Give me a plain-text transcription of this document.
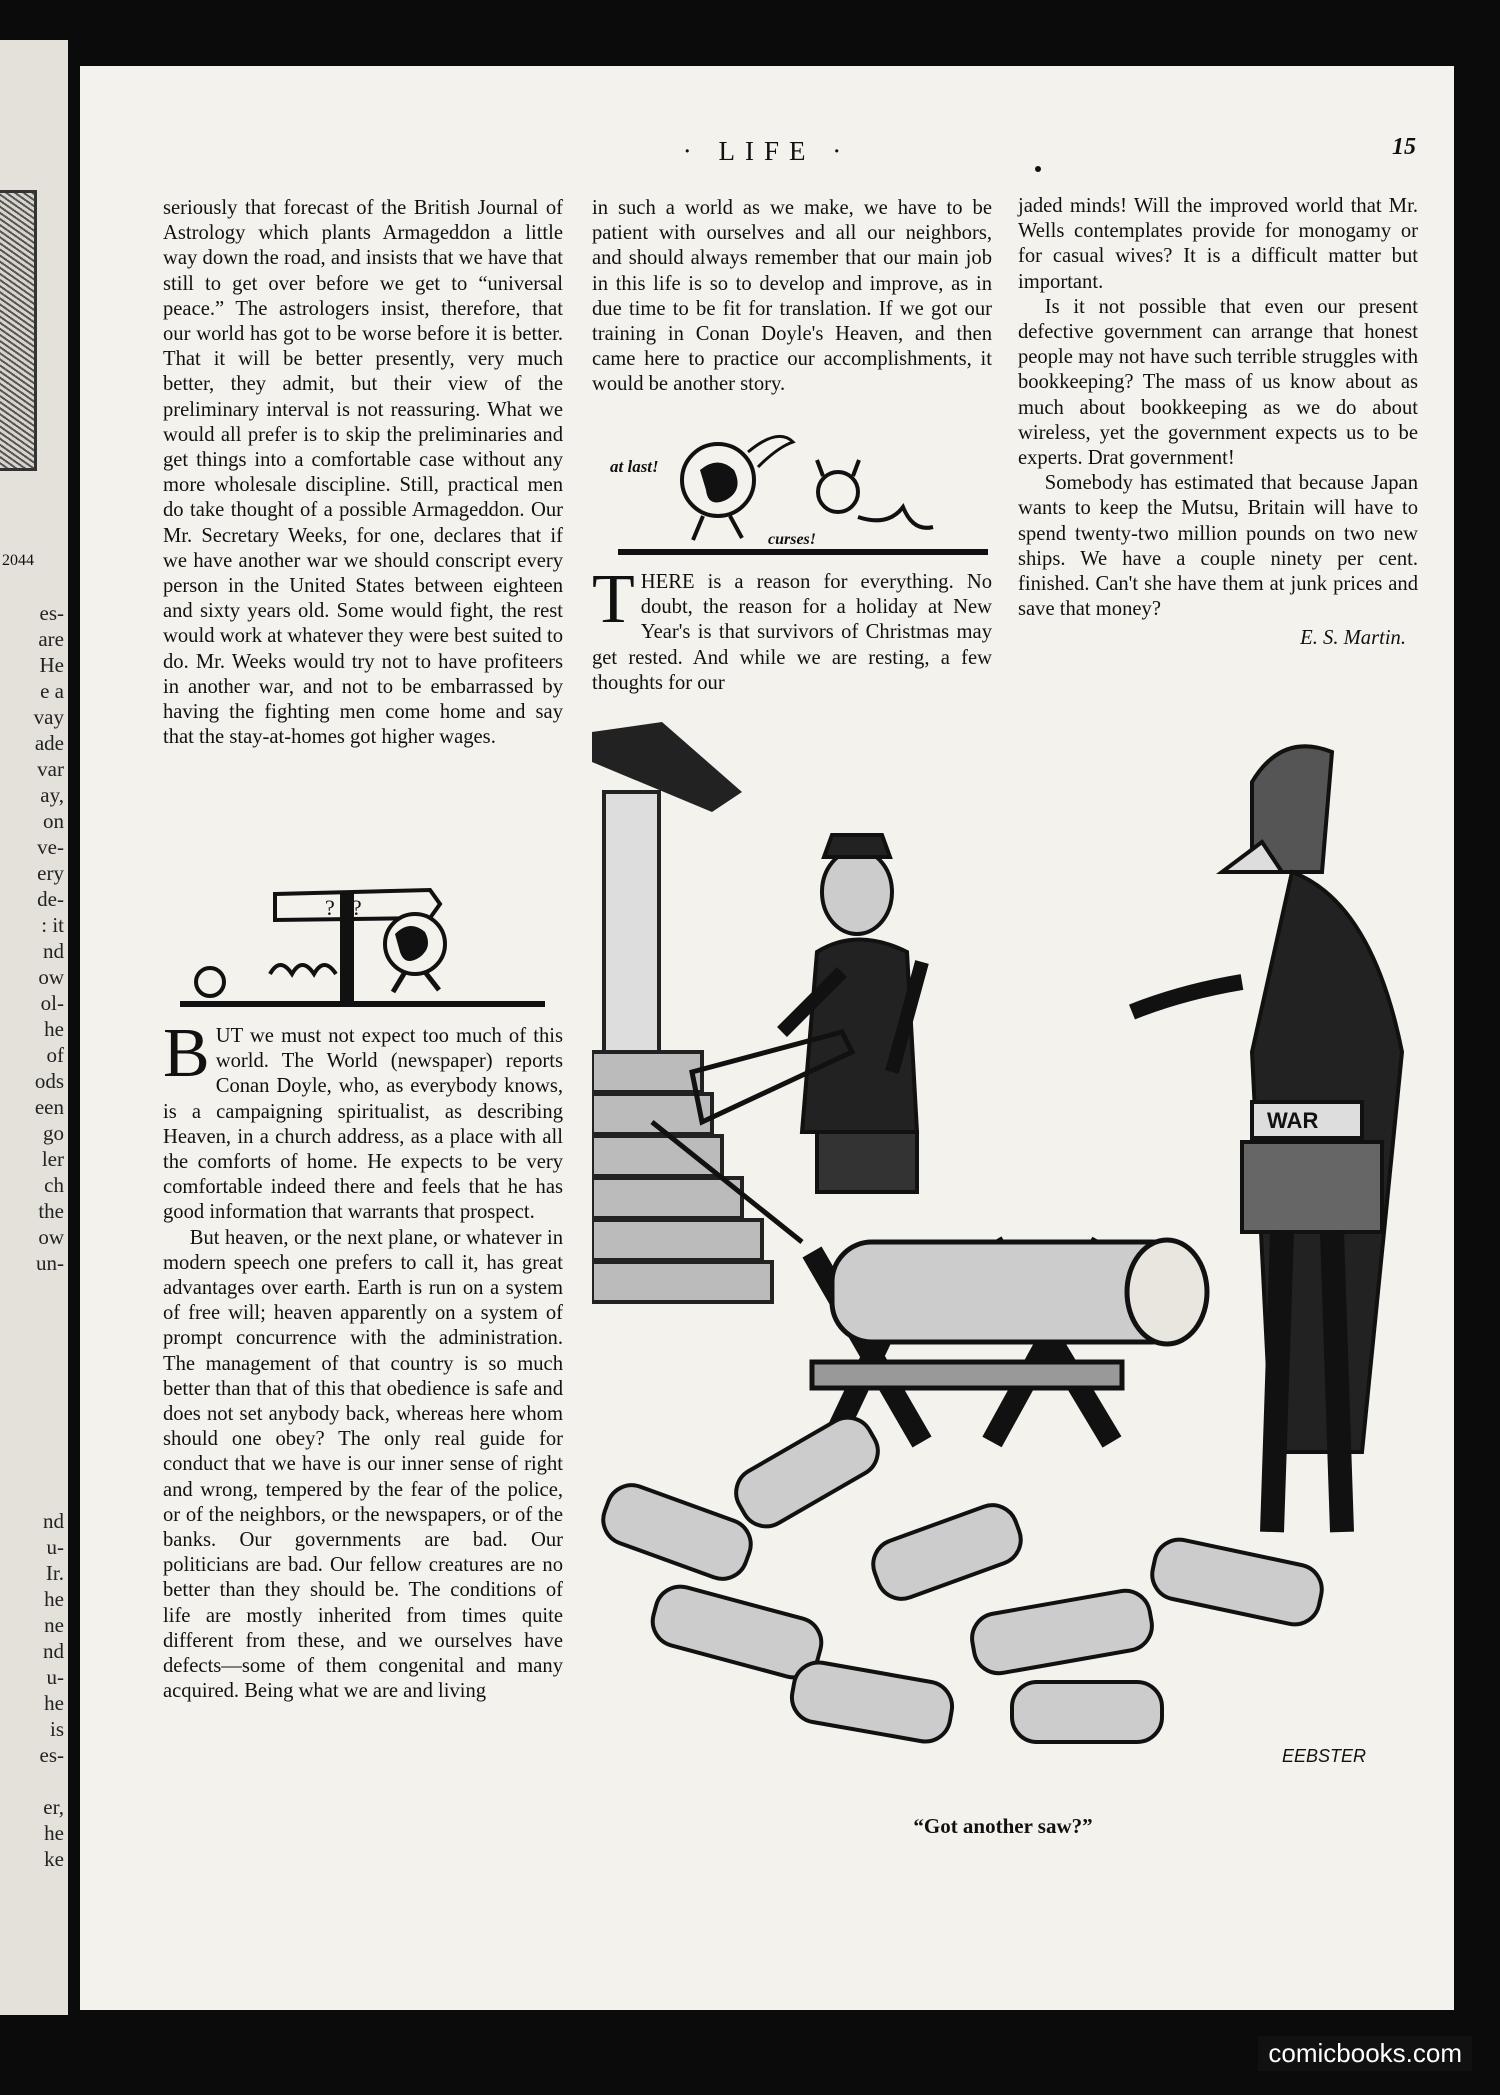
2044
es-
are
He
e a
vay
ade
var
ay,
on
ve-
ery
de-
: it
nd
ow
ol-
he
of
ods
een
go
ler
ch
the
ow
un-
nd
u-
Ir.
he
ne
nd
u-
he
is
es-

er,
he
ke
· LIFE ·	15

seriously that forecast of the British Journal of Astrology which plants Armageddon a little way down the road, and insists that we have that still to get over before we get to “universal peace.” The astrologers insist, therefore, that our world has got to be worse before it is better. That it will be better presently, very much better, they admit, but their view of the preliminary interval is not reassuring. What we would all prefer is to skip the preliminaries and get things into a comfortable case without any more wholesale discipline. Still, practical men do take thought of a possible Armageddon. Our Mr. Secretary Weeks, for one, declares that if we have another war we should conscript every person in the United States between eighteen and sixty years old. Some would fight, the rest would work at whatever they were best suited to do. Mr. Weeks would try not to have profiteers in another war, and not to be embarrassed by having the fighting men come home and say that the stay-at-homes got higher wages.

? : ?

BUT we must not expect too much of this world. The World (newspaper) reports Conan Doyle, who, as everybody knows, is a campaigning spiritualist, as describing Heaven, in a church address, as a place with all the comforts of home. He expects to be very comfortable indeed there and feels that he has good information that warrants that prospect.

But heaven, or the next plane, or whatever in modern speech one prefers to call it, has great advantages over earth. Earth is run on a system of free will; heaven apparently on a system of prompt concurrence with the administration. The management of that country is so much better than that of this that obedience is safe and does not set anybody back, whereas here whom should one obey? The only real guide for conduct that we have is our inner sense of right and wrong, tempered by the fear of the police, or of the neighbors, or the newspapers, or of the banks. Our governments are bad. Our politicians are bad. Our fellow creatures are no better than they should be. The conditions of life are mostly inherited from times quite different from these, and we ourselves have defects—some of them congenital and many acquired. Being what we are and living

in such a world as we make, we have to be patient with ourselves and all our neighbors, and should always remember that our main job in this life is so to develop and improve, as in due time to be fit for translation. If we got our training in Conan Doyle's Heaven, and then came here to practice our accomplishments, it would be another story.

at last!
curses!

THERE is a reason for everything. No doubt, the reason for a holiday at New Year's is that survivors of Christmas may get rested. And while we are resting, a few thoughts for our

jaded minds! Will the improved world that Mr. Wells contemplates provide for monogamy or for casual wives? It is a difficult matter but important.

Is it not possible that even our present defective government can arrange that honest people may not have such terrible struggles with bookkeeping? The mass of us know about as much about bookkeeping as we do about wireless, yet the government expects us to be experts. Drat government!

Somebody has estimated that because Japan wants to keep the Mutsu, Britain will have to spend twenty-two million pounds on two new ships. We have a couple ninety per cent. finished. Can't she have them at junk prices and save that money?

E. S. Martin.
WAR
EEBSTER
“Got another saw?”
comicbooks.com
